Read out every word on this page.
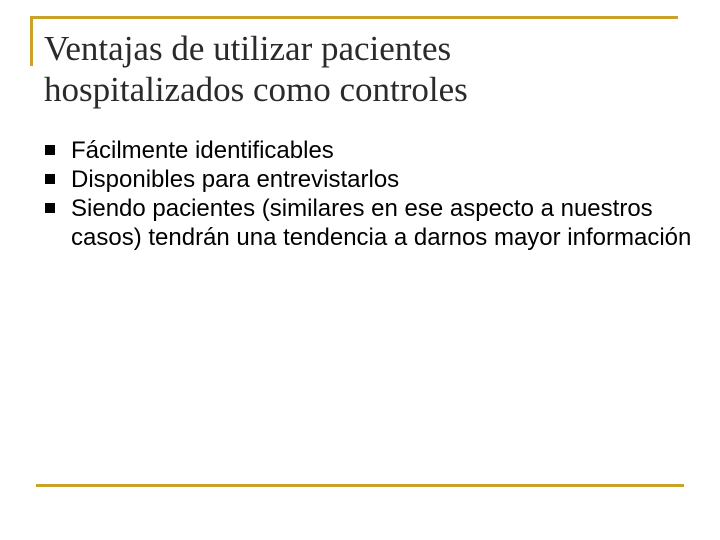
Ventajas de utilizar pacientes
hospitalizados como controles
Fácilmente identificables
Disponibles para entrevistarlos
Siendo pacientes (similares en ese aspecto a nuestros casos) tendrán una tendencia a darnos mayor información
